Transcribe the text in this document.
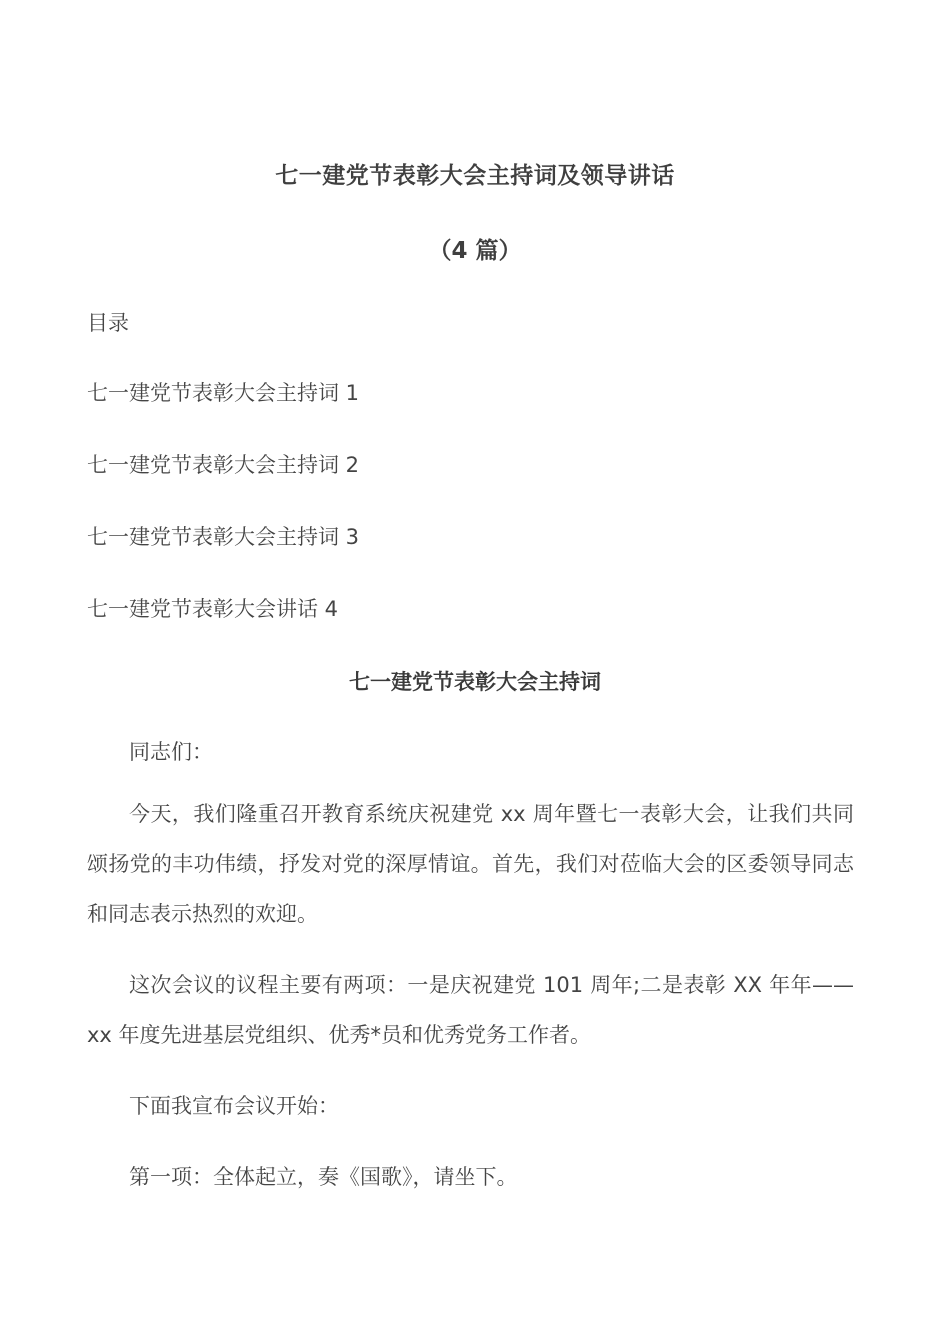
七一建党节表彰大会主持词及领导讲话
（4 篇）
目录
七一建党节表彰大会主持词 1
七一建党节表彰大会主持词 2
七一建党节表彰大会主持词 3
七一建党节表彰大会讲话 4
七一建党节表彰大会主持词

同志们：

今天，我们隆重召开教育系统庆祝建党 xx 周年暨七一表彰大会，让我们共同颂扬党的丰功伟绩，抒发对党的深厚情谊。首先，我们对莅临大会的区委领导同志和同志表示热烈的欢迎。

这次会议的议程主要有两项：一是庆祝建党 101 周年;二是表彰 XX 年年——xx 年度先进基层党组织、优秀*员和优秀党务工作者。

下面我宣布会议开始：

第一项：全体起立，奏《国歌》，请坐下。
